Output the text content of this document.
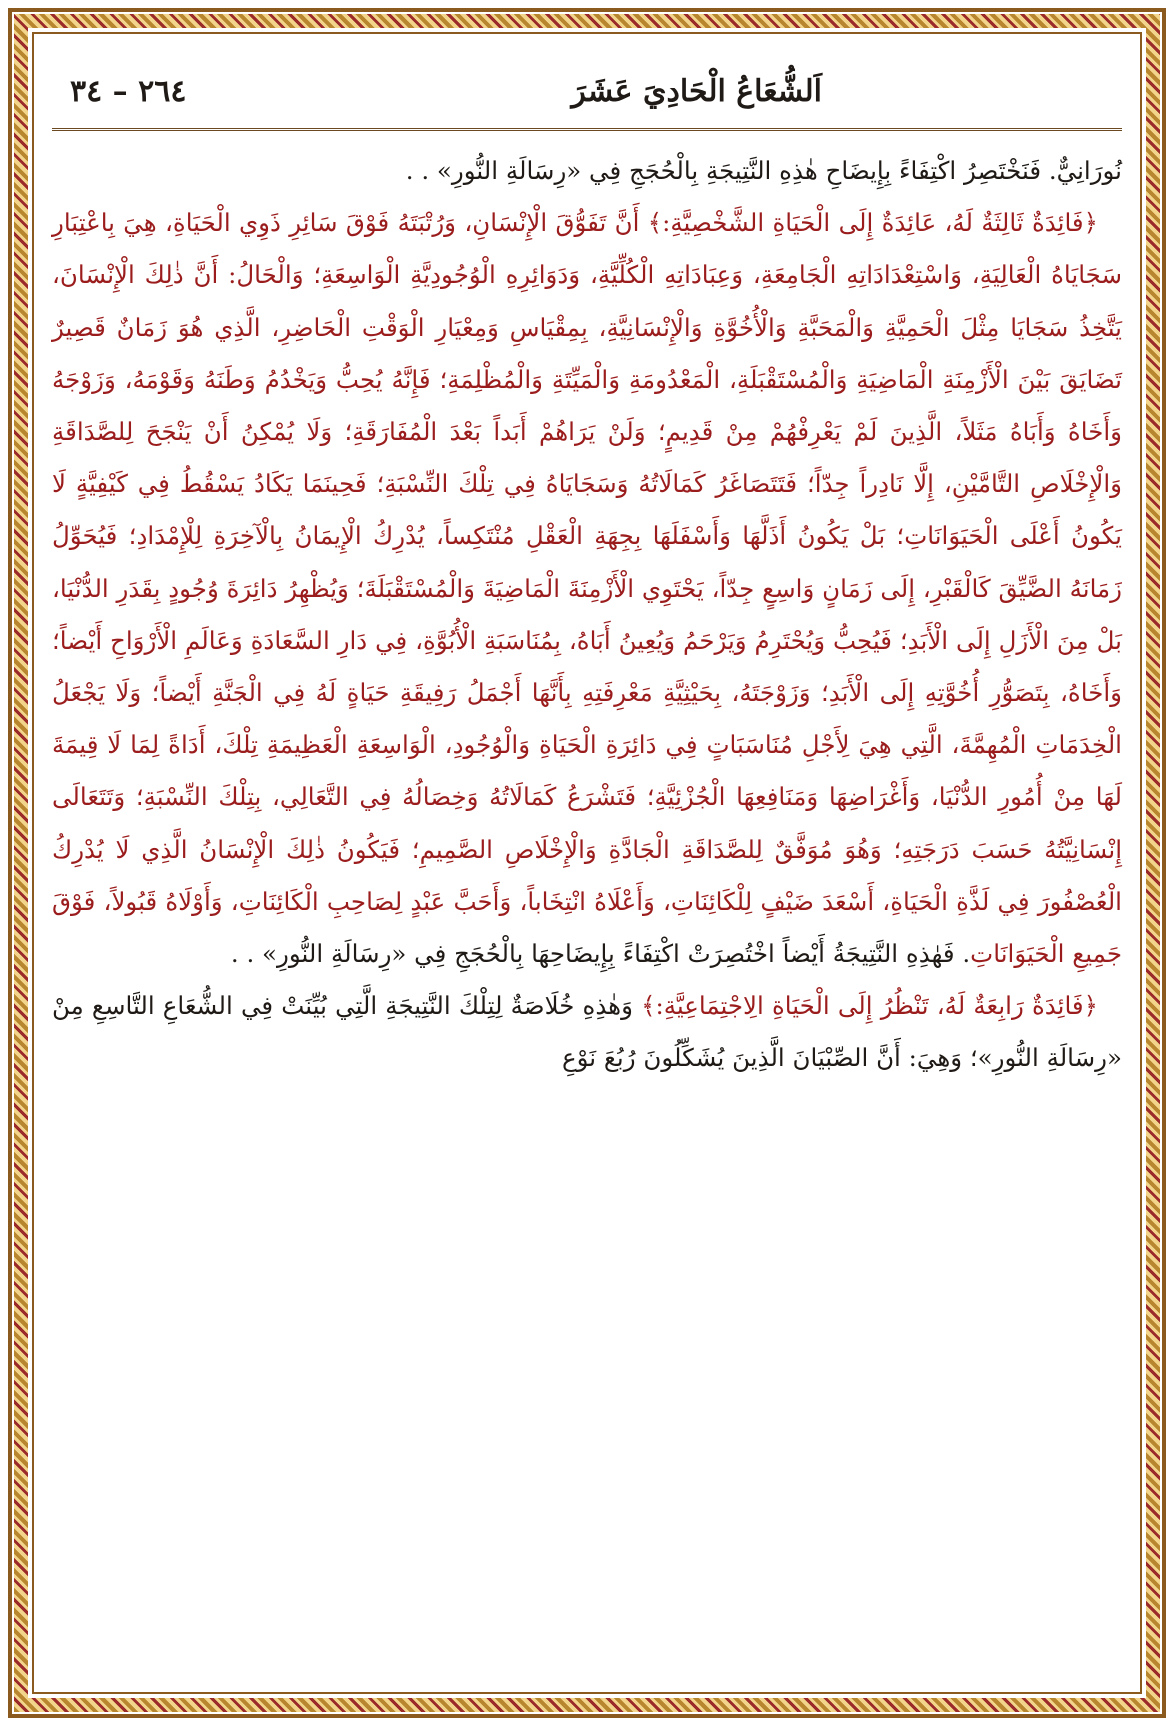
اَلشُّعَاعُ الْحَادِيَ عَشَرَ
٢٦٤ – ٣٤

نُورَانِيٌّ. فَنَخْتَصِرُ اكْتِفَاءً بِإِيضَاحِ هٰذِهِ النَّتِيجَةِ بِالْحُجَجِ فِي «رِسَالَةِ النُّورِ» . .

﴿فَائِدَةٌ ثَالِثَةٌ لَهُ، عَائِدَةٌ إِلَى الْحَيَاةِ الشَّخْصِيَّةِ:﴾ أَنَّ تَفَوُّقَ الْإِنْسَانِ، وَرُتْبَتَهُ فَوْقَ سَائِرِ ذَوِي الْحَيَاةِ، هِيَ بِاعْتِبَارِ سَجَايَاهُ الْعَالِيَةِ، وَاسْتِعْدَادَاتِهِ الْجَامِعَةِ، وَعِبَادَاتِهِ الْكُلِّيَّةِ، وَدَوَائِرِهِ الْوُجُودِيَّةِ الْوَاسِعَةِ؛ وَالْحَالُ: أَنَّ ذٰلِكَ الْإِنْسَانَ، يَتَّخِذُ سَجَايَا مِثْلَ الْحَمِيَّةِ وَالْمَحَبَّةِ وَالْأُخُوَّةِ وَالْإِنْسَانِيَّةِ، بِمِقْيَاسِ وَمِعْيَارِ الْوَقْتِ الْحَاضِرِ، الَّذِي هُوَ زَمَانٌ قَصِيرٌ تَضَايَقَ بَيْنَ الْأَزْمِنَةِ الْمَاضِيَةِ وَالْمُسْتَقْبَلَةِ، الْمَعْدُومَةِ وَالْمَيِّتَةِ وَالْمُظْلِمَةِ؛ فَإِنَّهُ يُحِبُّ وَيَخْدُمُ وَطَنَهُ وَقَوْمَهُ، وَزَوْجَهُ وَأَخَاهُ وَأَبَاهُ مَثَلاً، الَّذِينَ لَمْ يَعْرِفْهُمْ مِنْ قَدِيمٍ؛ وَلَنْ يَرَاهُمْ أَبَداً بَعْدَ الْمُفَارَقَةِ؛ وَلَا يُمْكِنُ أَنْ يَنْجَحَ لِلصَّدَاقَةِ وَالْإِخْلَاصِ التَّامَّيْنِ، إِلَّا نَادِراً جِدّاً؛ فَتَتَصَاغَرُ كَمَالَاتُهُ وَسَجَايَاهُ فِي تِلْكَ النِّسْبَةِ؛ فَحِينَمَا يَكَادُ يَسْقُطُ فِي كَيْفِيَّةٍ لَا يَكُونُ أَعْلَى الْحَيَوَانَاتِ؛ بَلْ يَكُونُ أَذَلَّهَا وَأَسْفَلَهَا بِجِهَةِ الْعَقْلِ مُنْتَكِساً، يُدْرِكُ الْإِيمَانُ بِالْآخِرَةِ لِلْإِمْدَادِ؛ فَيُحَوِّلُ زَمَانَهُ الضَّيِّقَ كَالْقَبْرِ، إِلَى زَمَانٍ وَاسِعٍ جِدّاً، يَحْتَوِي الْأَزْمِنَةَ الْمَاضِيَةَ وَالْمُسْتَقْبَلَةَ؛ وَيُظْهِرُ دَائِرَةَ وُجُودٍ بِقَدَرِ الدُّنْيَا، بَلْ مِنَ الْأَزَلِ إِلَى الْأَبَدِ؛ فَيُحِبُّ وَيُحْتَرِمُ وَيَرْحَمُ وَيُعِينُ أَبَاهُ، بِمُنَاسَبَةِ الْأُبُوَّةِ، فِي دَارِ السَّعَادَةِ وَعَالَمِ الْأَرْوَاحِ أَيْضاً؛ وَأَخَاهُ، بِتَصَوُّرِ أُخُوَّتِهِ إِلَى الْأَبَدِ؛ وَزَوْجَتَهُ، بِحَيْثِيَّةِ مَعْرِفَتِهِ بِأَنَّهَا أَجْمَلُ رَفِيقَةِ حَيَاةٍ لَهُ فِي الْجَنَّةِ أَيْضاً؛ وَلَا يَجْعَلُ الْخِدَمَاتِ الْمُهِمَّةَ، الَّتِي هِيَ لِأَجْلِ مُنَاسَبَاتٍ فِي دَائِرَةِ الْحَيَاةِ وَالْوُجُودِ، الْوَاسِعَةِ الْعَظِيمَةِ تِلْكَ، أَدَاةً لِمَا لَا قِيمَةَ لَهَا مِنْ أُمُورِ الدُّنْيَا، وَأَغْرَاضِهَا وَمَنَافِعِهَا الْجُزْئِيَّةِ؛ فَتَشْرَعُ كَمَالَاتُهُ وَخِصَالُهُ فِي التَّعَالِي، بِتِلْكَ النِّسْبَةِ؛ وَتَتَعَالَى إِنْسَانِيَّتُهُ حَسَبَ دَرَجَتِهِ؛ وَهُوَ مُوَفَّقٌ لِلصَّدَاقَةِ الْجَادَّةِ وَالْإِخْلَاصِ الصَّمِيمِ؛ فَيَكُونُ ذٰلِكَ الْإِنْسَانُ الَّذِي لَا يُدْرِكُ الْعُصْفُورَ فِي لَذَّةِ الْحَيَاةِ، أَسْعَدَ ضَيْفٍ لِلْكَائِنَاتِ، وَأَعْلَاهُ انْتِخَاباً، وَأَحَبَّ عَبْدٍ لِصَاحِبِ الْكَائِنَاتِ، وَأَوْلَاهُ قَبُولاً، فَوْقَ جَمِيعِ الْحَيَوَانَاتِ. فَهٰذِهِ النَّتِيجَةُ أَيْضاً اخْتُصِرَتْ اكْتِفَاءً بِإِيضَاحِهَا بِالْحُجَجِ فِي «رِسَالَةِ النُّورِ» . .

﴿فَائِدَةٌ رَابِعَةٌ لَهُ، تَنْظُرُ إِلَى الْحَيَاةِ الِاجْتِمَاعِيَّةِ:﴾ وَهٰذِهِ خُلَاصَةٌ لِتِلْكَ النَّتِيجَةِ الَّتِي بُيِّنَتْ فِي الشُّعَاعِ التَّاسِعِ مِنْ «رِسَالَةِ النُّورِ»؛ وَهِيَ: أَنَّ الصِّبْيَانَ الَّذِينَ يُشَكِّلُونَ رُبُعَ نَوْعِ
